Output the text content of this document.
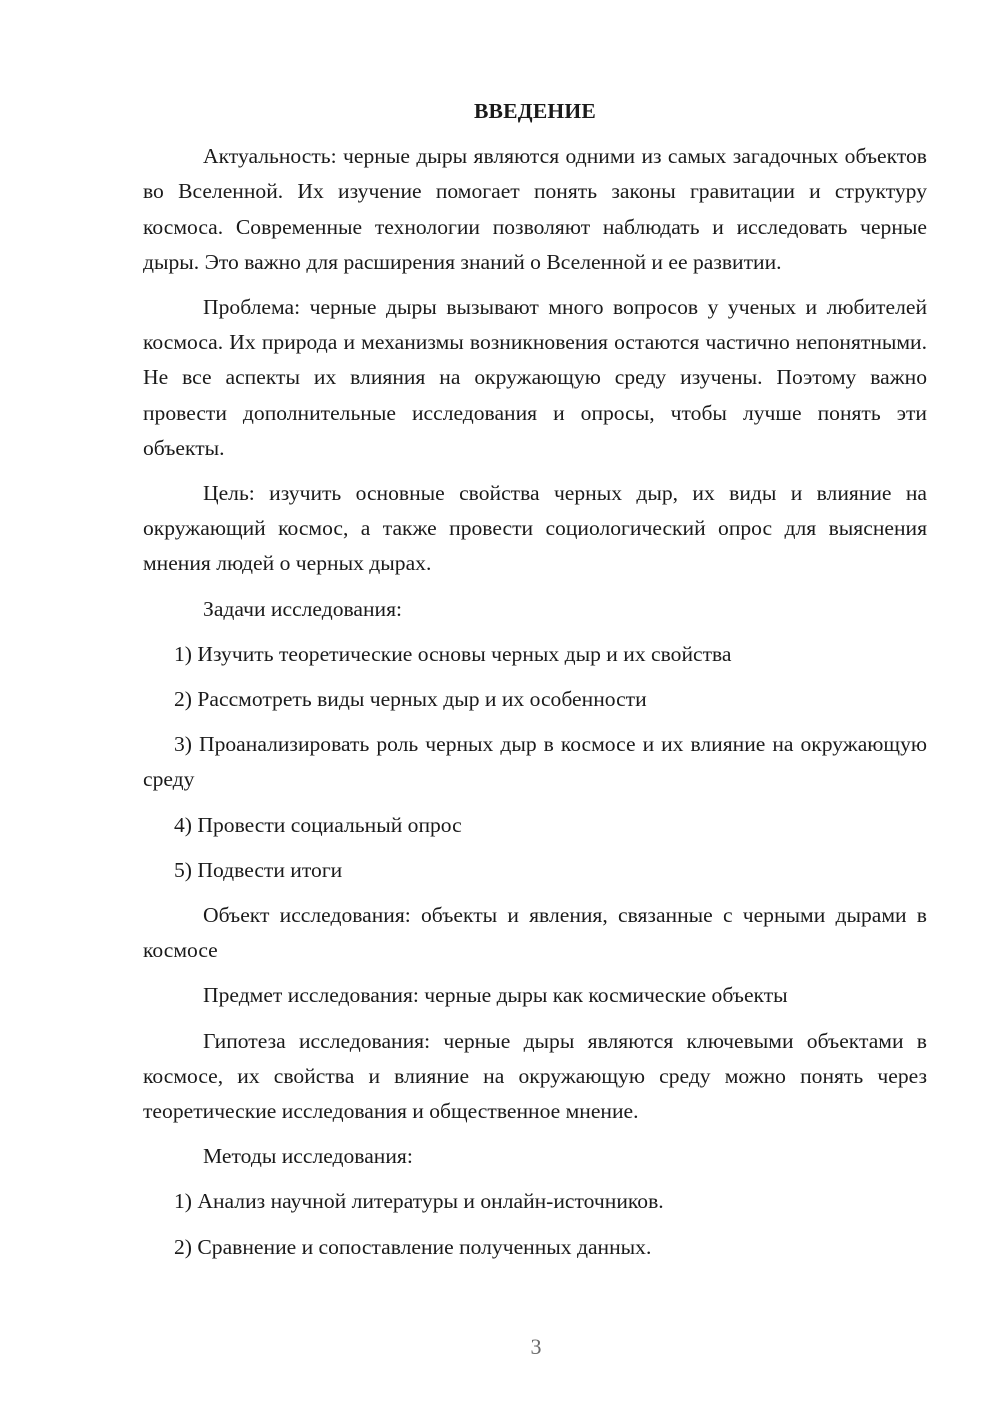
ВВЕДЕНИЕ

Актуальность: черные дыры являются одними из самых загадочных объектов во Вселенной. Их изучение помогает понять законы гравитации и структуру космоса. Современные технологии позволяют наблюдать и исследовать черные дыры. Это важно для расширения знаний о Вселенной и ее развитии.

Проблема: черные дыры вызывают много вопросов у ученых и любителей космоса. Их природа и механизмы возникновения остаются частично непонятными. Не все аспекты их влияния на окружающую среду изучены. Поэтому важно провести дополнительные исследования и опросы, чтобы лучше понять эти объекты.

Цель: изучить основные свойства черных дыр, их виды и влияние на окружающий космос, а также провести социологический опрос для выяснения мнения людей о черных дырах.

Задачи исследования:

1) Изучить теоретические основы черных дыр и их свойства

2) Рассмотреть виды черных дыр и их особенности

3) Проанализировать роль черных дыр в космосе и их влияние на окружающую среду

4) Провести социальный опрос

5) Подвести итоги

Объект исследования: объекты и явления, связанные с черными дырами в космосе

Предмет исследования: черные дыры как космические объекты

Гипотеза исследования: черные дыры являются ключевыми объектами в космосе, их свойства и влияние на окружающую среду можно понять через теоретические исследования и общественное мнение.

Методы исследования:

1) Анализ научной литературы и онлайн-источников.

2) Сравнение и сопоставление полученных данных.

3
